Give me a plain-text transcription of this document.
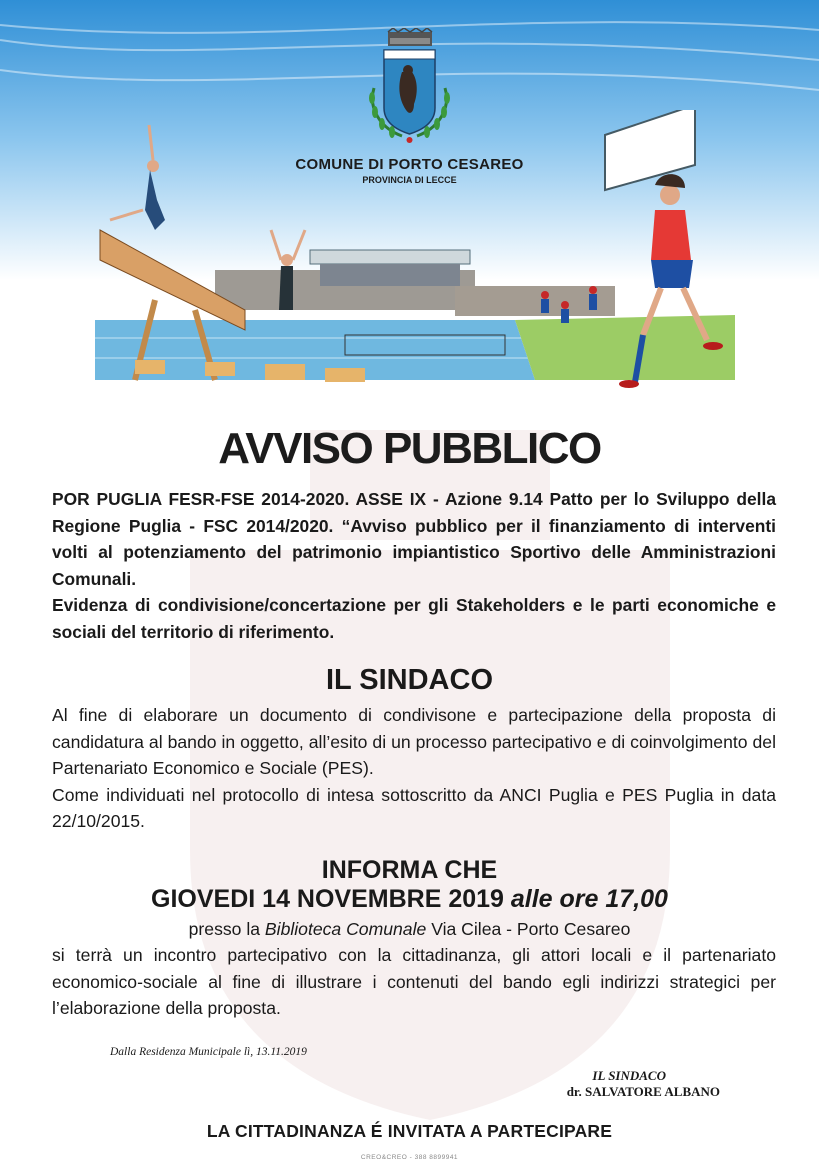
COMUNE DI PORTO CESAREO
PROVINCIA DI LECCE
AVVISO PUBBLICO

POR PUGLIA FESR-FSE 2014-2020. ASSE IX - Azione 9.14 Patto per lo Sviluppo della Regione Puglia - FSC 2014/2020. “Avviso pubblico per il finanziamento di interventi volti al potenziamento del patrimonio impiantistico Sportivo delle Amministrazioni Comunali.

Evidenza di condivisione/concertazione per gli Stakeholders e le parti economiche e sociali del territorio di riferimento.

IL SINDACO

Al fine di elaborare un documento di condivisone e partecipazione della proposta di candidatura al bando in oggetto, all’esito di un processo partecipativo e di coinvolgimento del Partenariato Economico e Sociale (PES).

Come individuati nel protocollo di intesa sottoscritto da ANCI Puglia e PES Puglia in data 22/10/2015.

INFORMA CHE
GIOVEDI 14 NOVEMBRE 2019 alle ore 17,00
presso la Biblioteca Comunale Via Cilea - Porto Cesareo
si terrà un incontro partecipativo con la cittadinanza, gli attori locali e il partenariato economico-sociale al fine di illustrare i contenuti del bando egli indirizzi strategici per l’elaborazione della proposta.
Dalla Residenza Municipale lì, 13.11.2019
IL SINDACO
dr. SALVATORE ALBANO
LA CITTADINANZA É INVITATA A PARTECIPARE
CREO&CREO - 388 8899941
